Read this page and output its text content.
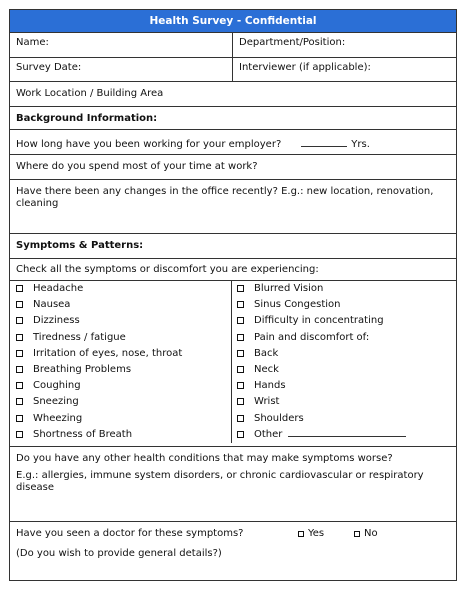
Health Survey - Confidential
Name:	Department/Position:
Survey Date:	Interviewer (if applicable):
Work Location / Building Area
Background Information:
How long have you been working for your employer?	Yrs.
Where do you spend most of your time at work?
Have there been any changes in the office recently? E.g.: new location, renovation, cleaning
Symptoms & Patterns:
Check all the symptoms or discomfort you are experiencing:
Headache
Nausea
Dizziness
Tiredness / fatigue
Irritation of eyes, nose, throat
Breathing Problems
Coughing
Sneezing
Wheezing
Shortness of Breath
Blurred Vision
Sinus Congestion
Difficulty in concentrating
Pain and discomfort of:
Back
Neck
Hands
Wrist
Shoulders
Other
Do you have any other health conditions that may make symptoms worse?
E.g.: allergies, immune system disorders, or chronic cardiovascular or respiratory disease
Have you seen a doctor for these symptoms?	Yes	No
(Do you wish to provide general details?)
